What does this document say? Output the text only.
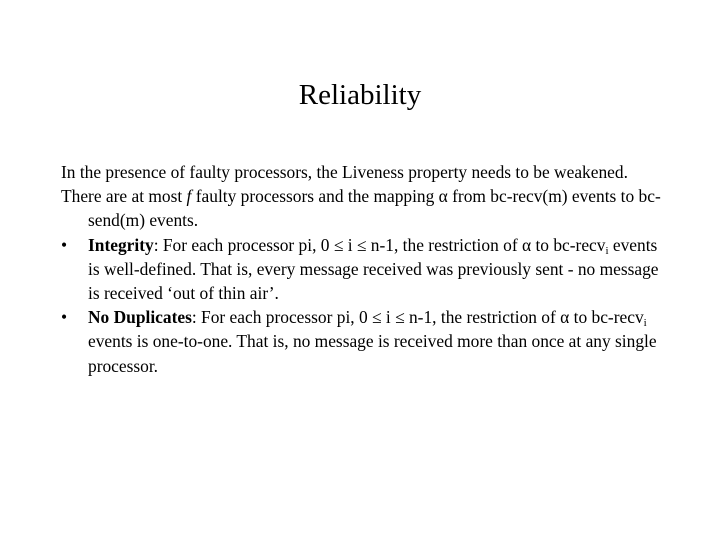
Reliability

In the presence of faulty processors, the Liveness property needs to be weakened.

There are at most f faulty processors and the mapping α from bc-recv(m) events to bc-send(m) events.

• Integrity: For each processor pi, 0 ≤ i ≤ n-1, the restriction of α to bc-recv$_i$ events is well-defined. That is, every message received was previously sent - no message is received ‘out of thin air’.
• No Duplicates: For each processor pi, 0 ≤ i ≤ n-1, the restriction of α to bc-recv$_i$ events is one-to-one. That is, no message is received more than once at any single processor.
